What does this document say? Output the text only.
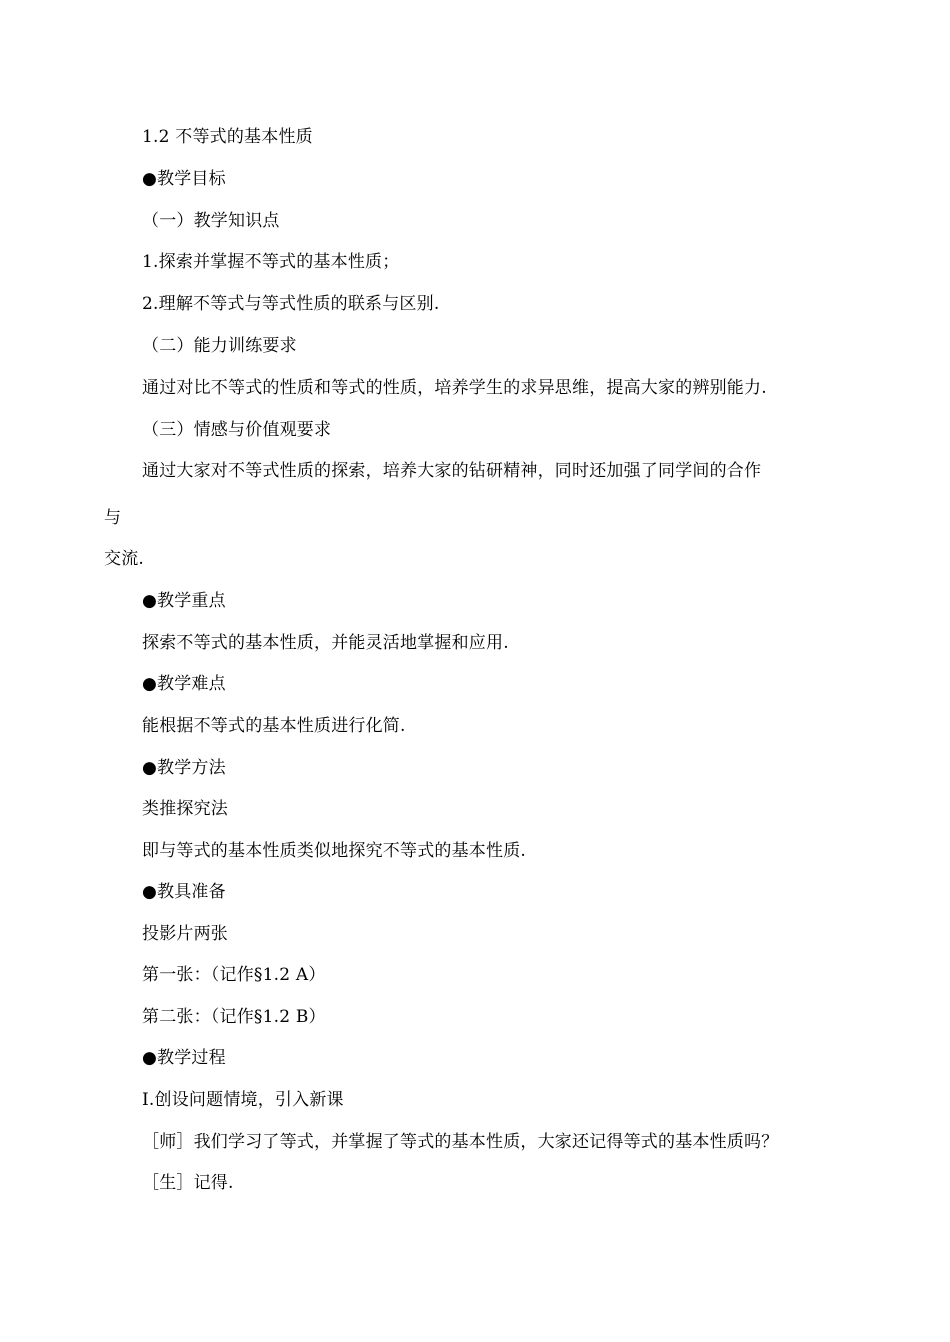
1.2 不等式的基本性质
●教学目标
（一）教学知识点
1.探索并掌握不等式的基本性质；
2.理解不等式与等式性质的联系与区别.
（二）能力训练要求
通过对比不等式的性质和等式的性质，培养学生的求异思维，提高大家的辨别能力.
（三）情感与价值观要求
通过大家对不等式性质的探索，培养大家的钻研精神，同时还加强了同学间的合作
与
交流.
●教学重点
探索不等式的基本性质，并能灵活地掌握和应用.
●教学难点
能根据不等式的基本性质进行化简.
●教学方法
类推探究法
即与等式的基本性质类似地探究不等式的基本性质.
●教具准备
投影片两张
第一张：（记作§1.2 A）
第二张：（记作§1.2 B）
●教学过程
Ⅰ.创设问题情境，引入新课
［师］我们学习了等式，并掌握了等式的基本性质，大家还记得等式的基本性质吗？
［生］记得.
